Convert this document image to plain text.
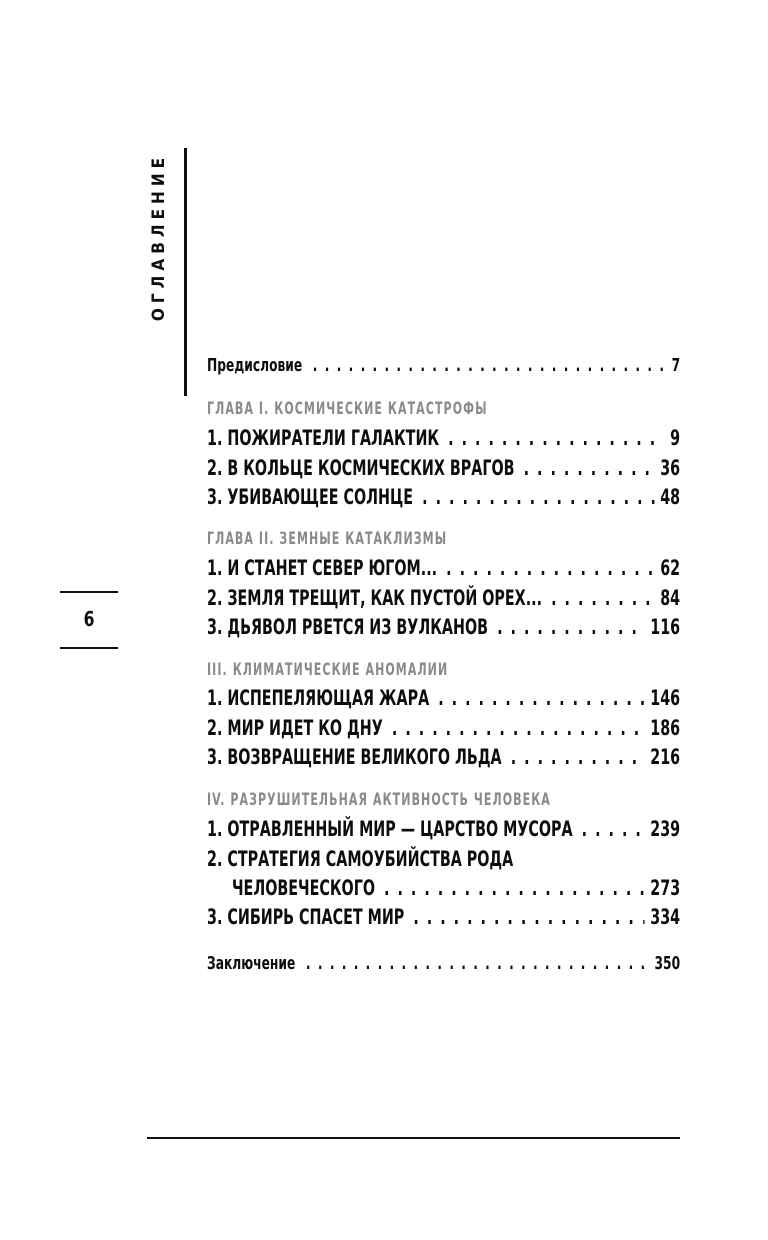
ОГЛАВЛЕНИЕ
6
Предисловие . . .	7
ГЛАВА I. КОСМИЧЕСКИЕ КАТАСТРОФЫ
1. ПОЖИРАТЕЛИ ГАЛАКТИК . . .	9
2. В КОЛЬЦЕ КОСМИЧЕСКИХ ВРАГОВ . . .	36
3. УБИВАЮЩЕЕ СОЛНЦЕ . . .	48
ГЛАВА II. ЗЕМНЫЕ КАТАКЛИЗМЫ
1. И СТАНЕТ СЕВЕР ЮГОМ... . . .	62
2. ЗЕМЛЯ ТРЕЩИТ, КАК ПУСТОЙ ОРЕХ... . . .	84
3. ДЬЯВОЛ РВЕТСЯ ИЗ ВУЛКАНОВ . . .	116
III. КЛИМАТИЧЕСКИЕ АНОМАЛИИ
1. ИСПЕПЕЛЯЮЩАЯ ЖАРА . . .	146
2. МИР ИДЕТ КО ДНУ . . .	186
3. ВОЗВРАЩЕНИЕ ВЕЛИКОГО ЛЬДА . . .	216
IV. РАЗРУШИТЕЛЬНАЯ АКТИВНОСТЬ ЧЕЛОВЕКА
1. ОТРАВЛЕННЫЙ МИР — ЦАРСТВО МУСОРА . . .	239
2. СТРАТЕГИЯ САМОУБИЙСТВА РОДА
ЧЕЛОВЕЧЕСКОГО . . .	273
3. СИБИРЬ СПАСЕТ МИР . . .	334
Заключение . . .	350
